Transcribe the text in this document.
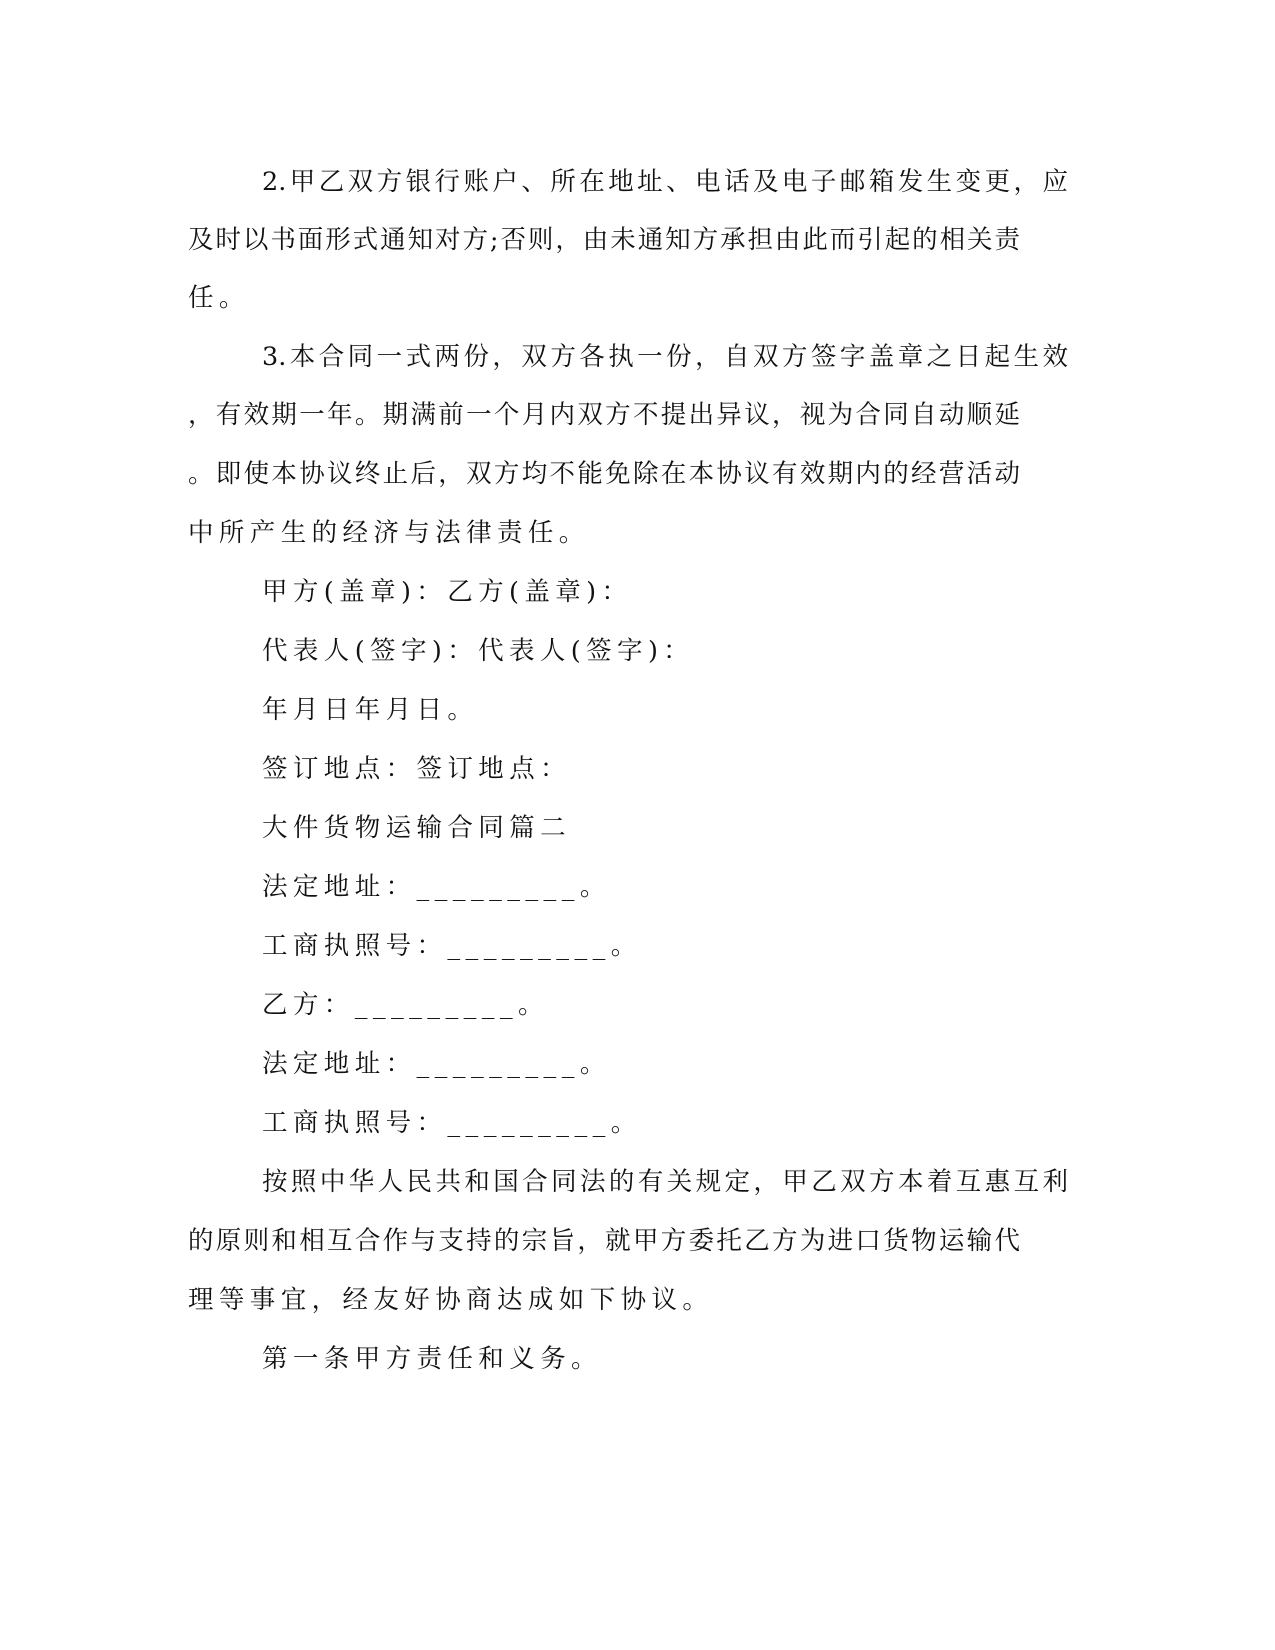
2.甲乙双方银行账户、所在地址、电话及电子邮箱发生变更，应
及时以书面形式通知对方;否则，由未通知方承担由此而引起的相关责
任。
3.本合同一式两份，双方各执一份，自双方签字盖章之日起生效
，有效期一年。期满前一个月内双方不提出异议，视为合同自动顺延
。即使本协议终止后，双方均不能免除在本协议有效期内的经营活动
中所产生的经济与法律责任。
甲方(盖章)：乙方(盖章)：
代表人(签字)：代表人(签字)：
年月日年月日。
签订地点：签订地点：
大件货物运输合同篇二
法定地址：_________。
工商执照号：_________。
乙方：_________。
法定地址：_________。
工商执照号：_________。
按照中华人民共和国合同法的有关规定，甲乙双方本着互惠互利
的原则和相互合作与支持的宗旨，就甲方委托乙方为进口货物运输代
理等事宜，经友好协商达成如下协议。
第一条甲方责任和义务。
